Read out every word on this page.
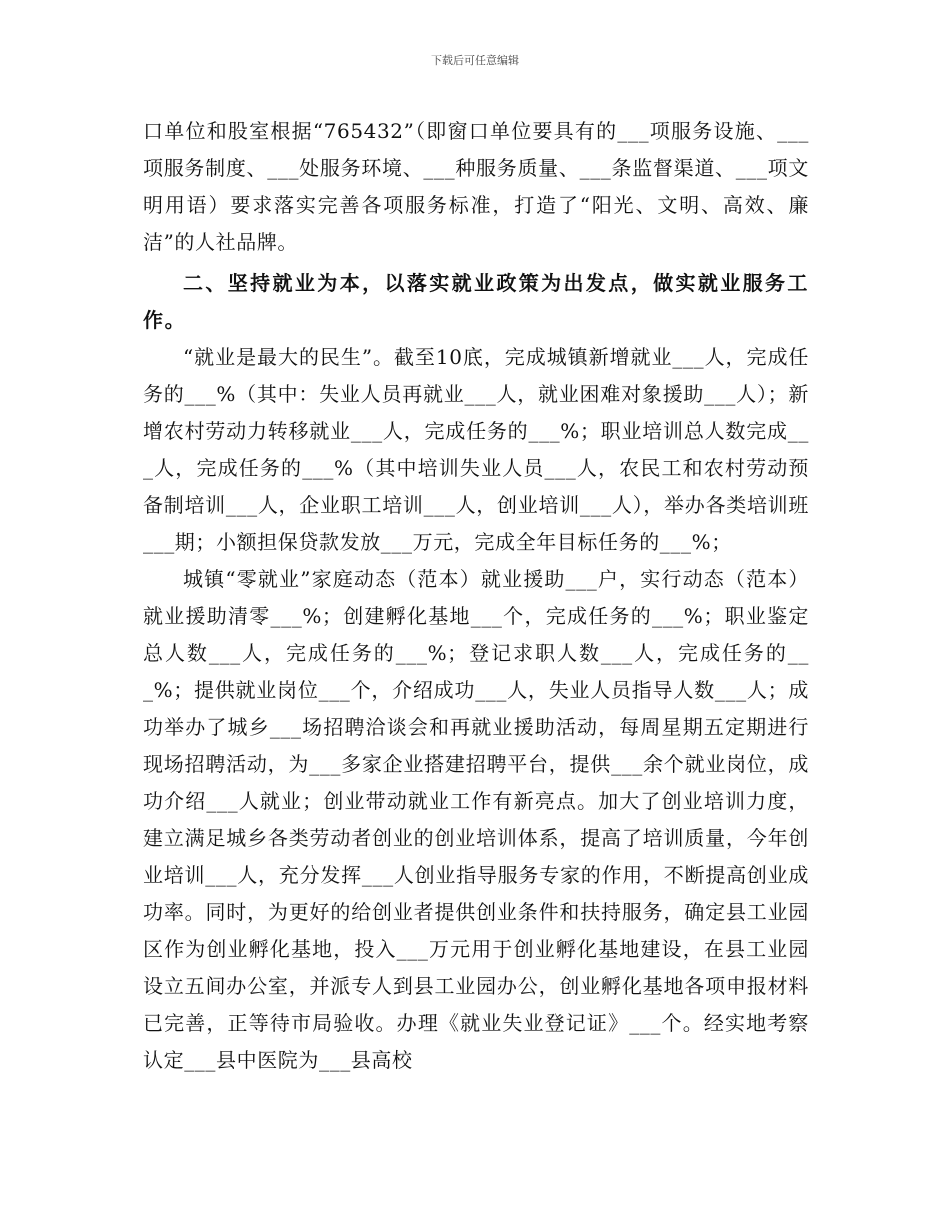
下载后可任意编辑

口单位和股室根据“765432”（即窗口单位要具有的___项服务设施、___项服务制度、___处服务环境、___种服务质量、___条监督渠道、___项文明用语）要求落实完善各项服务标准，打造了“阳光、文明、高效、廉洁”的人社品牌。

二、坚持就业为本，以落实就业政策为出发点，做实就业服务工作。

“就业是最大的民生”。截至10底，完成城镇新增就业___人，完成任务的___%（其中：失业人员再就业___人，就业困难对象援助___人）；新增农村劳动力转移就业___人，完成任务的___%；职业培训总人数完成___人，完成任务的___%（其中培训失业人员___人，农民工和农村劳动预备制培训___人，企业职工培训___人，创业培训___人），举办各类培训班___期；小额担保贷款发放___万元，完成全年目标任务的___%；

城镇“零就业”家庭动态（范本）就业援助___户，实行动态（范本）就业援助清零___%；创建孵化基地___个，完成任务的___%；职业鉴定总人数___人，完成任务的___%；登记求职人数___人，完成任务的___%；提供就业岗位___个，介绍成功___人，失业人员指导人数___人；成功举办了城乡___场招聘洽谈会和再就业援助活动，每周星期五定期进行现场招聘活动，为___多家企业搭建招聘平台，提供___余个就业岗位，成功介绍___人就业；创业带动就业工作有新亮点。加大了创业培训力度，建立满足城乡各类劳动者创业的创业培训体系，提高了培训质量，今年创业培训___人，充分发挥___人创业指导服务专家的作用，不断提高创业成功率。同时，为更好的给创业者提供创业条件和扶持服务，确定县工业园区作为创业孵化基地，投入___万元用于创业孵化基地建设，在县工业园设立五间办公室，并派专人到县工业园办公，创业孵化基地各项申报材料已完善，正等待市局验收。办理《就业失业登记证》___个。经实地考察认定___县中医院为___县高校
